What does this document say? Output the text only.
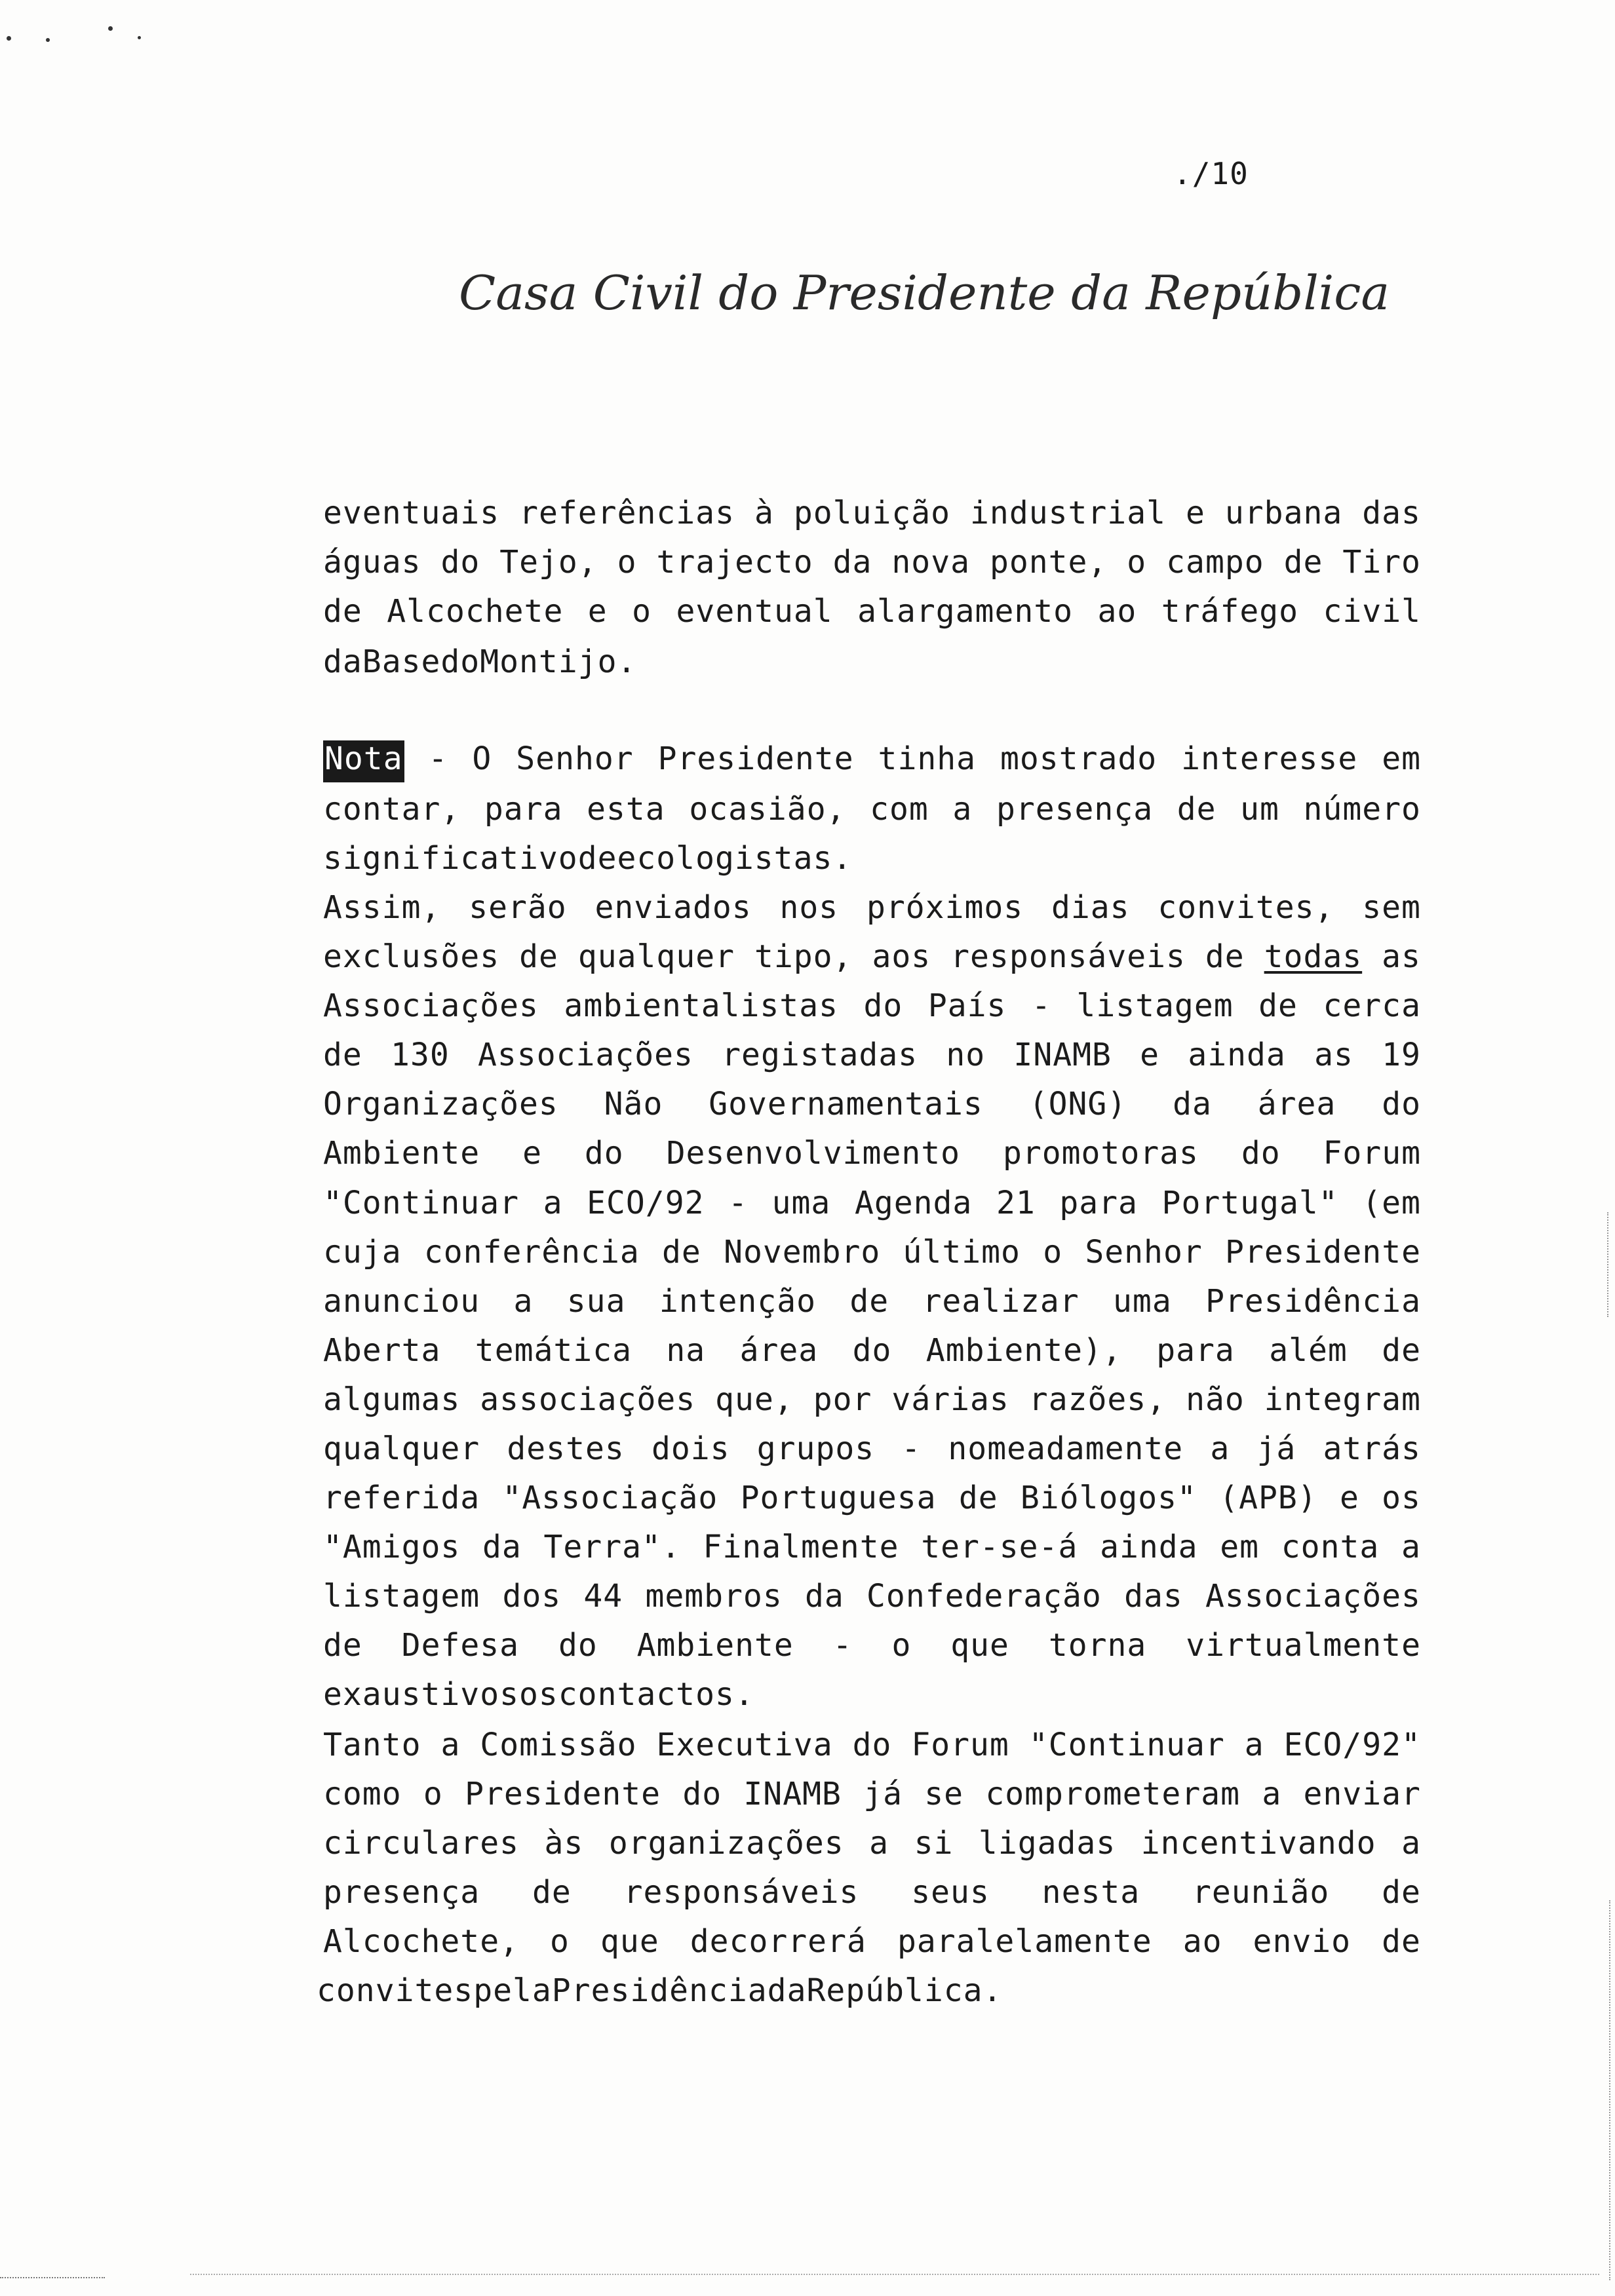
./10
Casa Civil do Presidente da República
eventuais referências à poluição industrial e urbana das
águas do Tejo, o trajecto da nova ponte, o campo de Tiro
de Alcochete e o eventual alargamento ao tráfego civil
da Base do Montijo.
Nota - O Senhor Presidente tinha mostrado interesse em
contar, para esta ocasião, com a presença de um número
significativo de ecologistas.
Assim, serão enviados nos próximos dias convites, sem
exclusões de qualquer tipo, aos responsáveis de todas as
Associações ambientalistas do País - listagem de cerca
de 130 Associações registadas no INAMB e ainda as 19
Organizações Não Governamentais (ONG) da área do
Ambiente e do Desenvolvimento promotoras do Forum
"Continuar a ECO/92 - uma Agenda 21 para Portugal" (em
cuja conferência de Novembro último o Senhor Presidente
anunciou a sua intenção de realizar uma Presidência
Aberta temática na área do Ambiente), para além de
algumas associações que, por várias razões, não integram
qualquer destes dois grupos - nomeadamente a já atrás
referida "Associação Portuguesa de Biólogos" (APB) e os
"Amigos da Terra". Finalmente ter-se-á ainda em conta a
listagem dos 44 membros da Confederação das Associações
de Defesa do Ambiente - o que torna virtualmente
exaustivos os contactos.
Tanto a Comissão Executiva do Forum "Continuar a ECO/92"
como o Presidente do INAMB já se comprometeram a enviar
circulares às organizações a si ligadas incentivando a
presença de responsáveis seus nesta reunião de
Alcochete, o que decorrerá paralelamente ao envio de
convites pela Presidência da República.
